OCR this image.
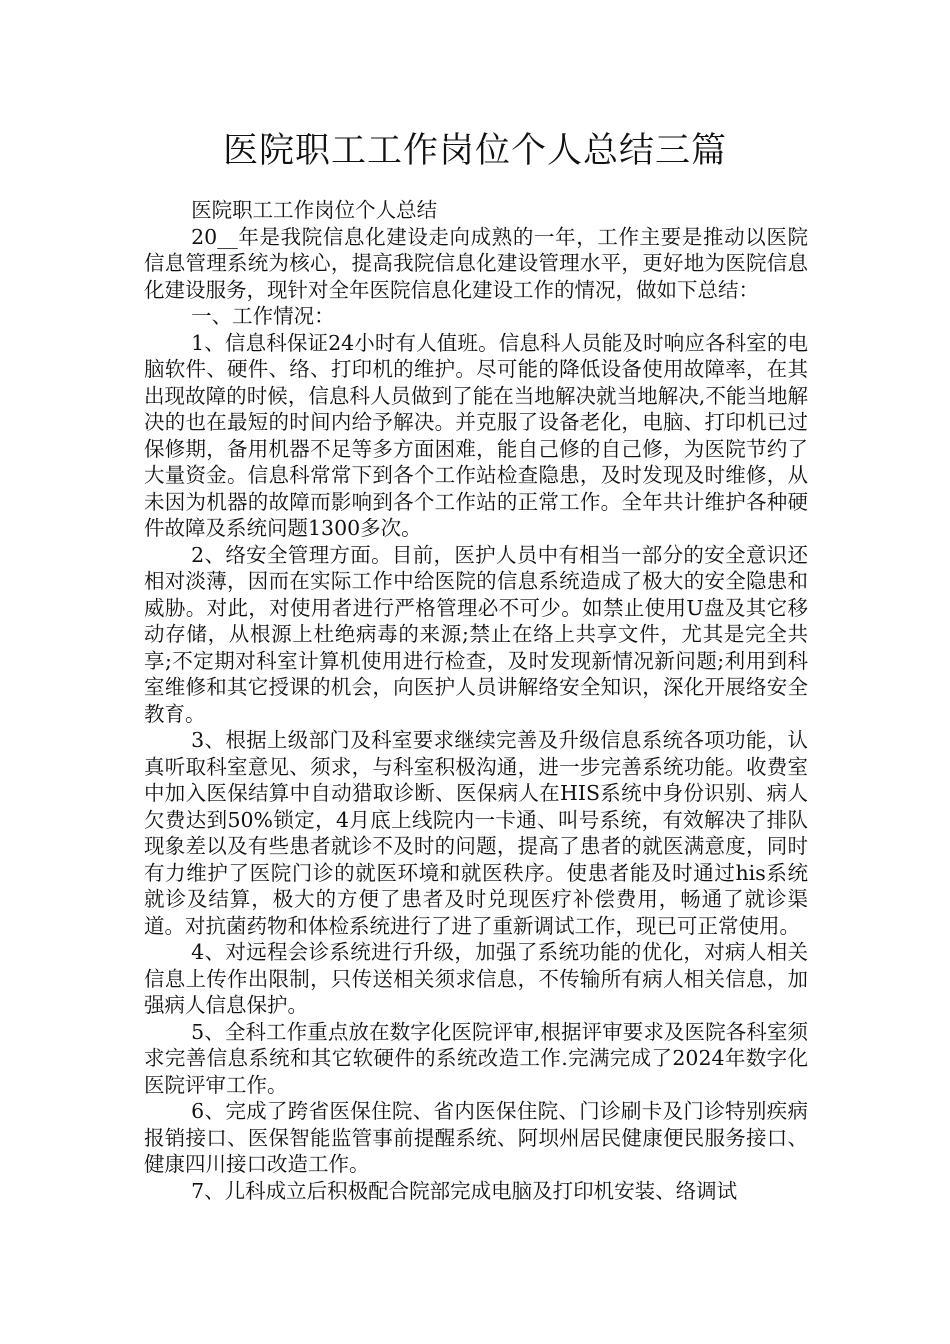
医院职工工作岗位个人总结三篇

医院职工工作岗位个人总结

20__年是我院信息化建设走向成熟的一年，工作主要是推动以医院信息管理系统为核心，提高我院信息化建设管理水平，更好地为医院信息化建设服务，现针对全年医院信息化建设工作的情况，做如下总结：

一、工作情况：

1、信息科保证24小时有人值班。信息科人员能及时响应各科室的电脑软件、硬件、络、打印机的维护。尽可能的降低设备使用故障率，在其出现故障的时候，信息科人员做到了能在当地解决就当地解决,不能当地解决的也在最短的时间内给予解决。并克服了设备老化，电脑、打印机已过保修期，备用机器不足等多方面困难，能自己修的自己修，为医院节约了大量资金。信息科常常下到各个工作站检查隐患，及时发现及时维修，从未因为机器的故障而影响到各个工作站的正常工作。全年共计维护各种硬件故障及系统问题1300多次。

2、络安全管理方面。目前，医护人员中有相当一部分的安全意识还相对淡薄，因而在实际工作中给医院的信息系统造成了极大的安全隐患和威胁。对此，对使用者进行严格管理必不可少。如禁止使用U盘及其它移动存储，从根源上杜绝病毒的来源;禁止在络上共享文件，尤其是完全共享;不定期对科室计算机使用进行检查，及时发现新情况新问题;利用到科室维修和其它授课的机会，向医护人员讲解络安全知识，深化开展络安全教育。

3、根据上级部门及科室要求继续完善及升级信息系统各项功能，认真听取科室意见、须求，与科室积极沟通，进一步完善系统功能。收费室中加入医保结算中自动猎取诊断、医保病人在HIS系统中身份识别、病人欠费达到50%锁定，4月底上线院内一卡通、叫号系统，有效解决了排队现象差以及有些患者就诊不及时的问题，提高了患者的就医满意度，同时有力维护了医院门诊的就医环境和就医秩序。使患者能及时通过his系统就诊及结算，极大的方便了患者及时兑现医疗补偿费用，畅通了就诊渠道。对抗菌药物和体检系统进行了进了重新调试工作，现已可正常使用。

4、对远程会诊系统进行升级，加强了系统功能的优化，对病人相关信息上传作出限制，只传送相关须求信息，不传输所有病人相关信息，加强病人信息保护。

5、全科工作重点放在数字化医院评审,根据评审要求及医院各科室须求完善信息系统和其它软硬件的系统改造工作.完满完成了2024年数字化医院评审工作。

6、完成了跨省医保住院、省内医保住院、门诊刷卡及门诊特别疾病报销接口、医保智能监管事前提醒系统、阿坝州居民健康便民服务接口、健康四川接口改造工作。

7、儿科成立后积极配合院部完成电脑及打印机安装、络调试
